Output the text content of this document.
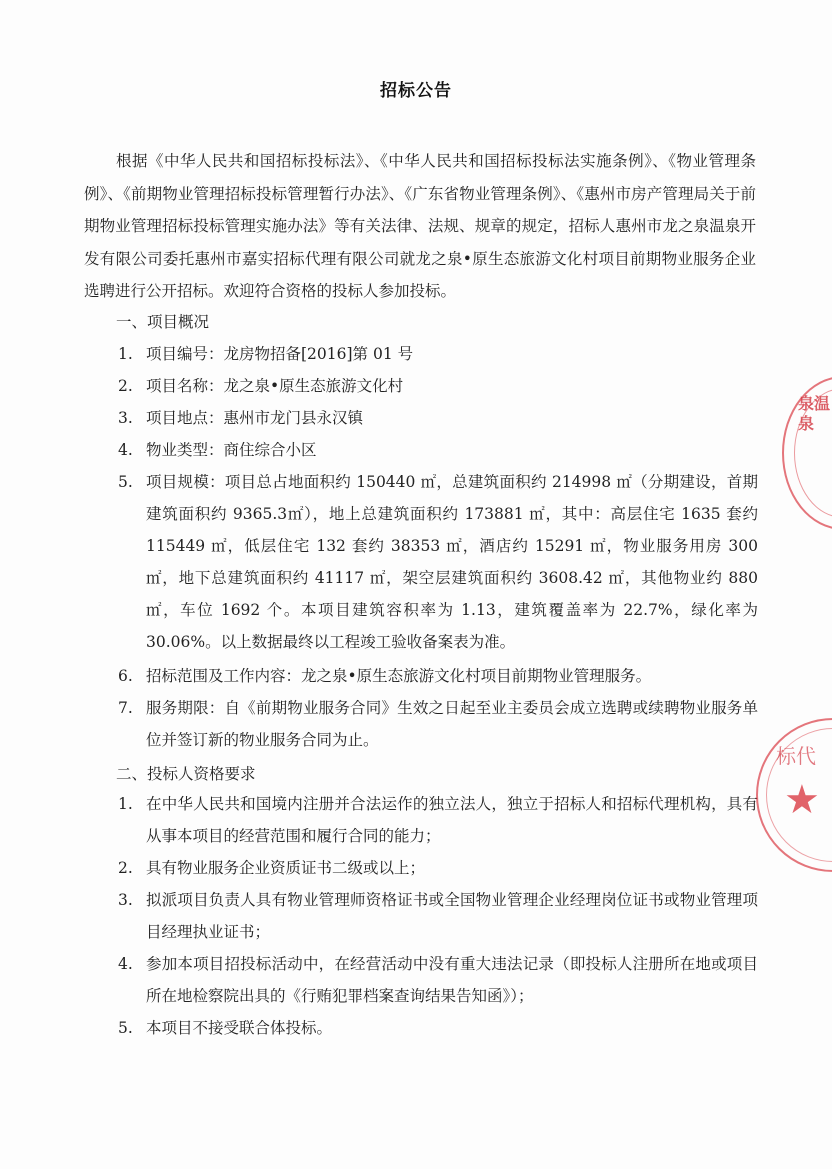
招标公告

根据《中华人民共和国招标投标法》、《中华人民共和国招标投标法实施条例》、《物业管理条例》、《前期物业管理招标投标管理暂行办法》、《广东省物业管理条例》、《惠州市房产管理局关于前期物业管理招标投标管理实施办法》等有关法律、法规、规章的规定，招标人惠州市龙之泉温泉开发有限公司委托惠州市嘉实招标代理有限公司就龙之泉•原生态旅游文化村项目前期物业服务企业选聘进行公开招标。欢迎符合资格的投标人参加投标。

一、项目概况

1. 项目编号：龙房物招备[2016]第 01 号
2. 项目名称：龙之泉•原生态旅游文化村
3. 项目地点：惠州市龙门县永汉镇
4. 物业类型：商住综合小区
5. 项目规模：项目总占地面积约 150440 ㎡，总建筑面积约 214998 ㎡（分期建设，首期建筑面积约 9365.3㎡），地上总建筑面积约 173881 ㎡，其中：高层住宅 1635 套约 115449 ㎡，低层住宅 132 套约 38353 ㎡，酒店约 15291 ㎡，物业服务用房 300 ㎡，地下总建筑面积约 41117 ㎡，架空层建筑面积约 3608.42 ㎡，其他物业约 880 ㎡，车位 1692 个。本项目建筑容积率为 1.13，建筑覆盖率为 22.7%，绿化率为 30.06%。以上数据最终以工程竣工验收备案表为准。
6. 招标范围及工作内容：龙之泉•原生态旅游文化村项目前期物业管理服务。
7. 服务期限：自《前期物业服务合同》生效之日起至业主委员会成立选聘或续聘物业服务单位并签订新的物业服务合同为止。

二、投标人资格要求

1. 在中华人民共和国境内注册并合法运作的独立法人，独立于招标人和招标代理机构，具有从事本项目的经营范围和履行合同的能力；
2. 具有物业服务企业资质证书二级或以上；
3. 拟派项目负责人具有物业管理师资格证书或全国物业管理企业经理岗位证书或物业管理项目经理执业证书；
4. 参加本项目招投标活动中，在经营活动中没有重大违法记录（即投标人注册所在地或项目所在地检察院出具的《行贿犯罪档案查询结果告知函》）；
5. 本项目不接受联合体投标。
泉温泉
标代
★
